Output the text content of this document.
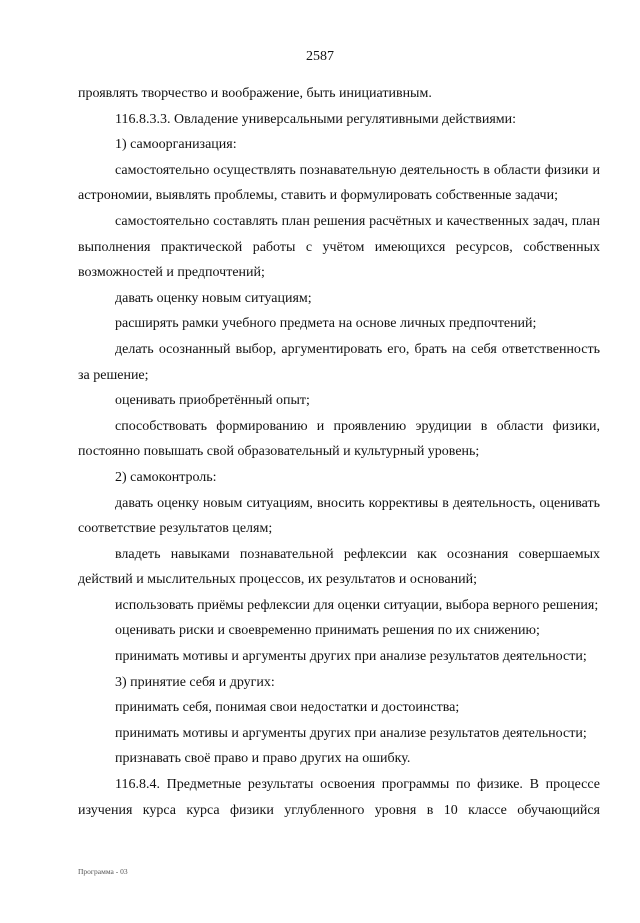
2587

проявлять творчество и воображение, быть инициативным.

116.8.3.3. Овладение универсальными регулятивными действиями:

1) самоорганизация:

самостоятельно осуществлять познавательную деятельность в области физики и астрономии, выявлять проблемы, ставить и формулировать собственные задачи;

самостоятельно составлять план решения расчётных и качественных задач, план выполнения практической работы с учётом имеющихся ресурсов, собственных возможностей и предпочтений;

давать оценку новым ситуациям;

расширять рамки учебного предмета на основе личных предпочтений;

делать осознанный выбор, аргументировать его, брать на себя ответственность за решение;

оценивать приобретённый опыт;

способствовать формированию и проявлению эрудиции в области физики, постоянно повышать свой образовательный и культурный уровень;

2) самоконтроль:

давать оценку новым ситуациям, вносить коррективы в деятельность, оценивать соответствие результатов целям;

владеть навыками познавательной рефлексии как осознания совершаемых действий и мыслительных процессов, их результатов и оснований;

использовать приёмы рефлексии для оценки ситуации, выбора верного решения;

оценивать риски и своевременно принимать решения по их снижению;

принимать мотивы и аргументы других при анализе результатов деятельности;

3) принятие себя и других:

принимать себя, понимая свои недостатки и достоинства;

принимать мотивы и аргументы других при анализе результатов деятельности;

признавать своё право и право других на ошибку.

116.8.4. Предметные результаты освоения программы по физике. В процессе изучения курса курса физики углубленного уровня в 10 классе обучающийся

Программа - 03
